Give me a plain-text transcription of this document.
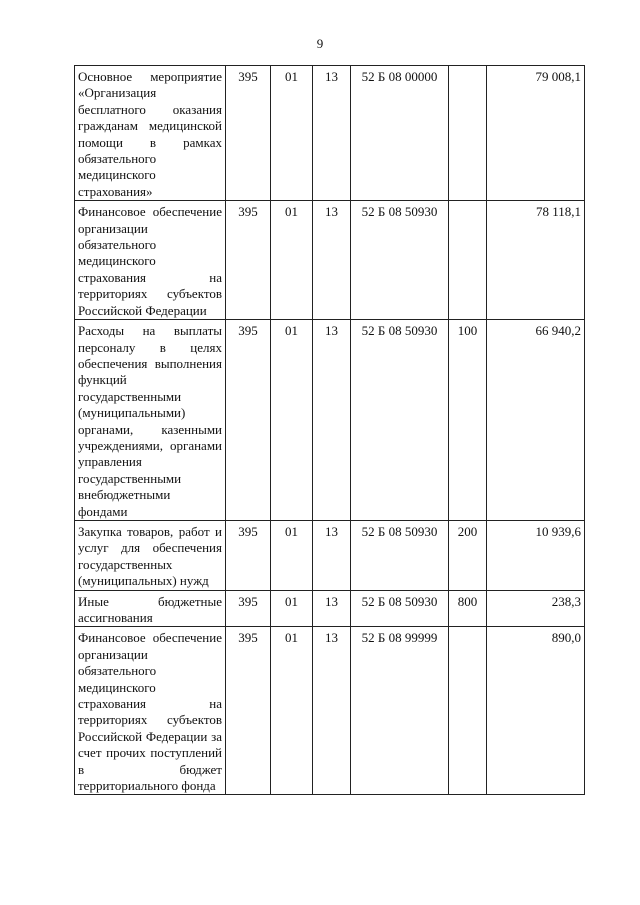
9
Основное мероприятие «Организация бесплатного оказания гражданам медицинской помощи в рамках обязательного медицинского страхования»	395	01	13	52 Б 08 00000		79 008,1
Финансовое обеспечение организации обязательного медицинского страхования на территориях субъектов Российской Федерации	395	01	13	52 Б 08 50930		78 118,1
Расходы на выплаты персоналу в целях обеспечения выполнения функций государственными (муниципальными) органами, казенными учреждениями, органами управления государственными внебюджетными фондами	395	01	13	52 Б 08 50930	100	66 940,2
Закупка товаров, работ и услуг для обеспечения государственных (муниципальных) нужд	395	01	13	52 Б 08 50930	200	10 939,6
Иные бюджетные ассигнования	395	01	13	52 Б 08 50930	800	238,3
Финансовое обеспечение организации обязательного медицинского страхования на территориях субъектов Российской Федерации за счет прочих поступлений в бюджет территориального фонда	395	01	13	52 Б 08 99999		890,0
